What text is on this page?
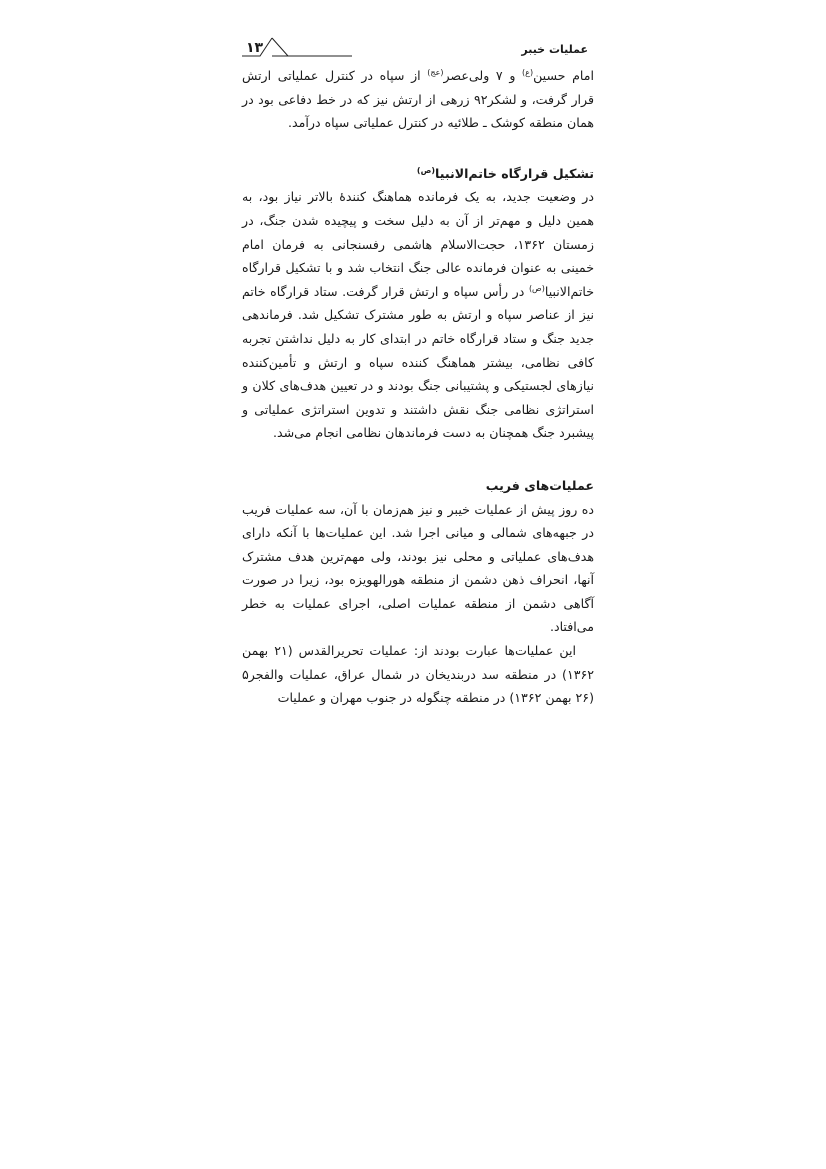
١٣	عملیات خیبر

امام حسین$^{(ع)}$ و ۷ ولی‌عصر$^{(عج)}$ از سپاه در کنترل عملیاتی ارتش قرار گرفت، و لشکر۹۲ زرهی از ارتش نیز که در خط دفاعی بود در همان منطقه کوشک ـ طلائیه در کنترل عملیاتی سپاه درآمد.

تشکیل قرارگاه خاتم‌الانبیا$^{(ص)}$

در وضعیت جدید، به یک فرمانده هماهنگ کنندهٔ بالاتر نیاز بود، به همین دلیل و مهم‌تر از آن به دلیل سخت و پیچیده شدن جنگ، در زمستان ۱۳۶۲، حجت‌الاسلام هاشمی رفسنجانی به فرمان امام خمینی به عنوان فرمانده عالی جنگ انتخاب شد و با تشکیل قرارگاه خاتم‌الانبیا$^{(ص)}$ در رأس سپاه و ارتش قرار گرفت. ستاد قرارگاه خاتم نیز از عناصر سپاه و ارتش به طور مشترک تشکیل شد. فرماندهی جدید جنگ و ستاد قرارگاه خاتم در ابتدای کار به دلیل نداشتن تجربه کافی نظامی، بیشتر هماهنگ کننده سپاه و ارتش و تأمین‌کننده نیازهای لجستیکی و پشتیبانی جنگ بودند و در تعیین هدف‌های کلان و استراتژی نظامی جنگ نقش داشتند و تدوین استراتژی عملیاتی و پیشبرد جنگ همچنان به دست فرماندهان نظامی انجام می‌شد.

عملیات‌های فریب

ده روز پیش از عملیات خیبر و نیز هم‌زمان با آن، سه عملیات فریب در جبهه‌های شمالی و میانی اجرا شد. این عملیات‌ها با آنکه دارای هدف‌های عملیاتی و محلی نیز بودند، ولی مهم‌ترین هدف مشترک آنها، انحراف ذهن دشمن از منطقه هورالهویزه بود، زیرا در صورت آگاهی دشمن از منطقه عملیات اصلی، اجرای عملیات به خطر می‌افتاد.

این عملیات‌ها عبارت بودند از: عملیات تحریرالقدس (۲۱ بهمن ۱۳۶۲) در منطقه سد دربندیخان در شمال عراق، عملیات والفجر۵ (۲۶ بهمن ۱۳۶۲) در منطقه چنگوله در جنوب مهران و عملیات
